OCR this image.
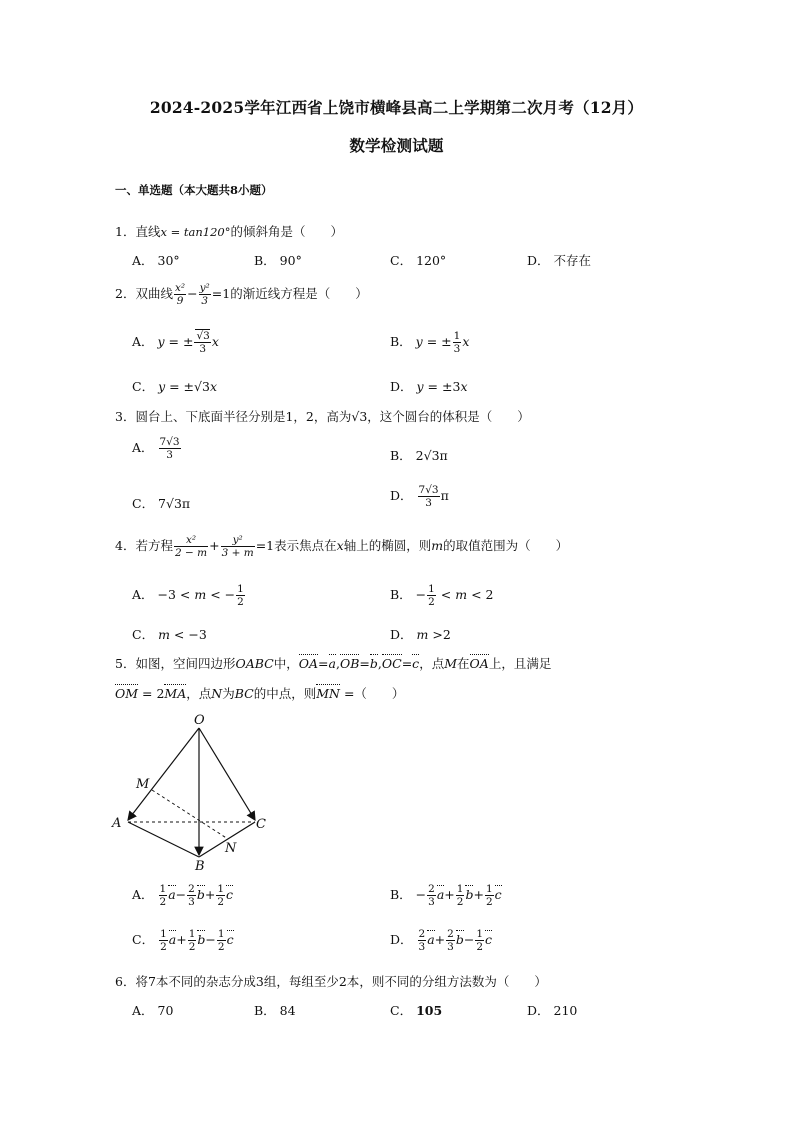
2024-2025学年江西省上饶市横峰县高二上学期第二次月考（12月）
数学检测试题
一、单选题（本大题共8小题）
1．直线x = tan120°的倾斜角是（　　）
A． 30°	B． 90°	C． 120°	D． 不存在
2．双曲线 $\frac{\text{x²}}{9} - \frac{\text{y²}}{3} =1$的渐近线方程是（　　）
A． y = ± $\frac{√3}{3}$ x	B． y = ± $\frac{1}{3}$ x
C． y = ±√3x	D． y = ±3x
3．圆台上、下底面半径分别是1，2，高为√3，这个圆台的体积是（　　）
A． $\frac{7√3}{3}$	B． 2√3π
C． 7√3π
D． $\frac{7√3}{3}$ π
4．若方程 $\frac{\text{x²}}{2 - m} + \frac{\text{y²}}{3 + m} =1$表示焦点在x轴上的椭圆，则m的取值范围为（　　）
A． −3 < m < − $\frac{1}{2}$	B． − $\frac{1}{2} < m < 2$
C． m < −3	D． m >2
5．如图，空间四边形OABC中，OA=a,OB=b,OC=c，点M在OA上，且满足
OM = 2MA，点N为BC的中点，则MN =（　　）
O
M
A	C
N
B
A． $\frac{1}{2} a- \frac{2}{3} b+ \frac{1}{2}$ c	B． − $\frac{2}{3} a+ \frac{1}{2} b+ \frac{1}{2}$ c
C． $\frac{1}{2} a+ \frac{1}{2} b- \frac{1}{2}$ c	D． $\frac{2}{3} a+ \frac{2}{3} b- \frac{1}{2}$ c
6．将7本不同的杂志分成3组，每组至少2本，则不同的分组方法数为（　　）
A． 70	B． 84	C． 105	D． 210
